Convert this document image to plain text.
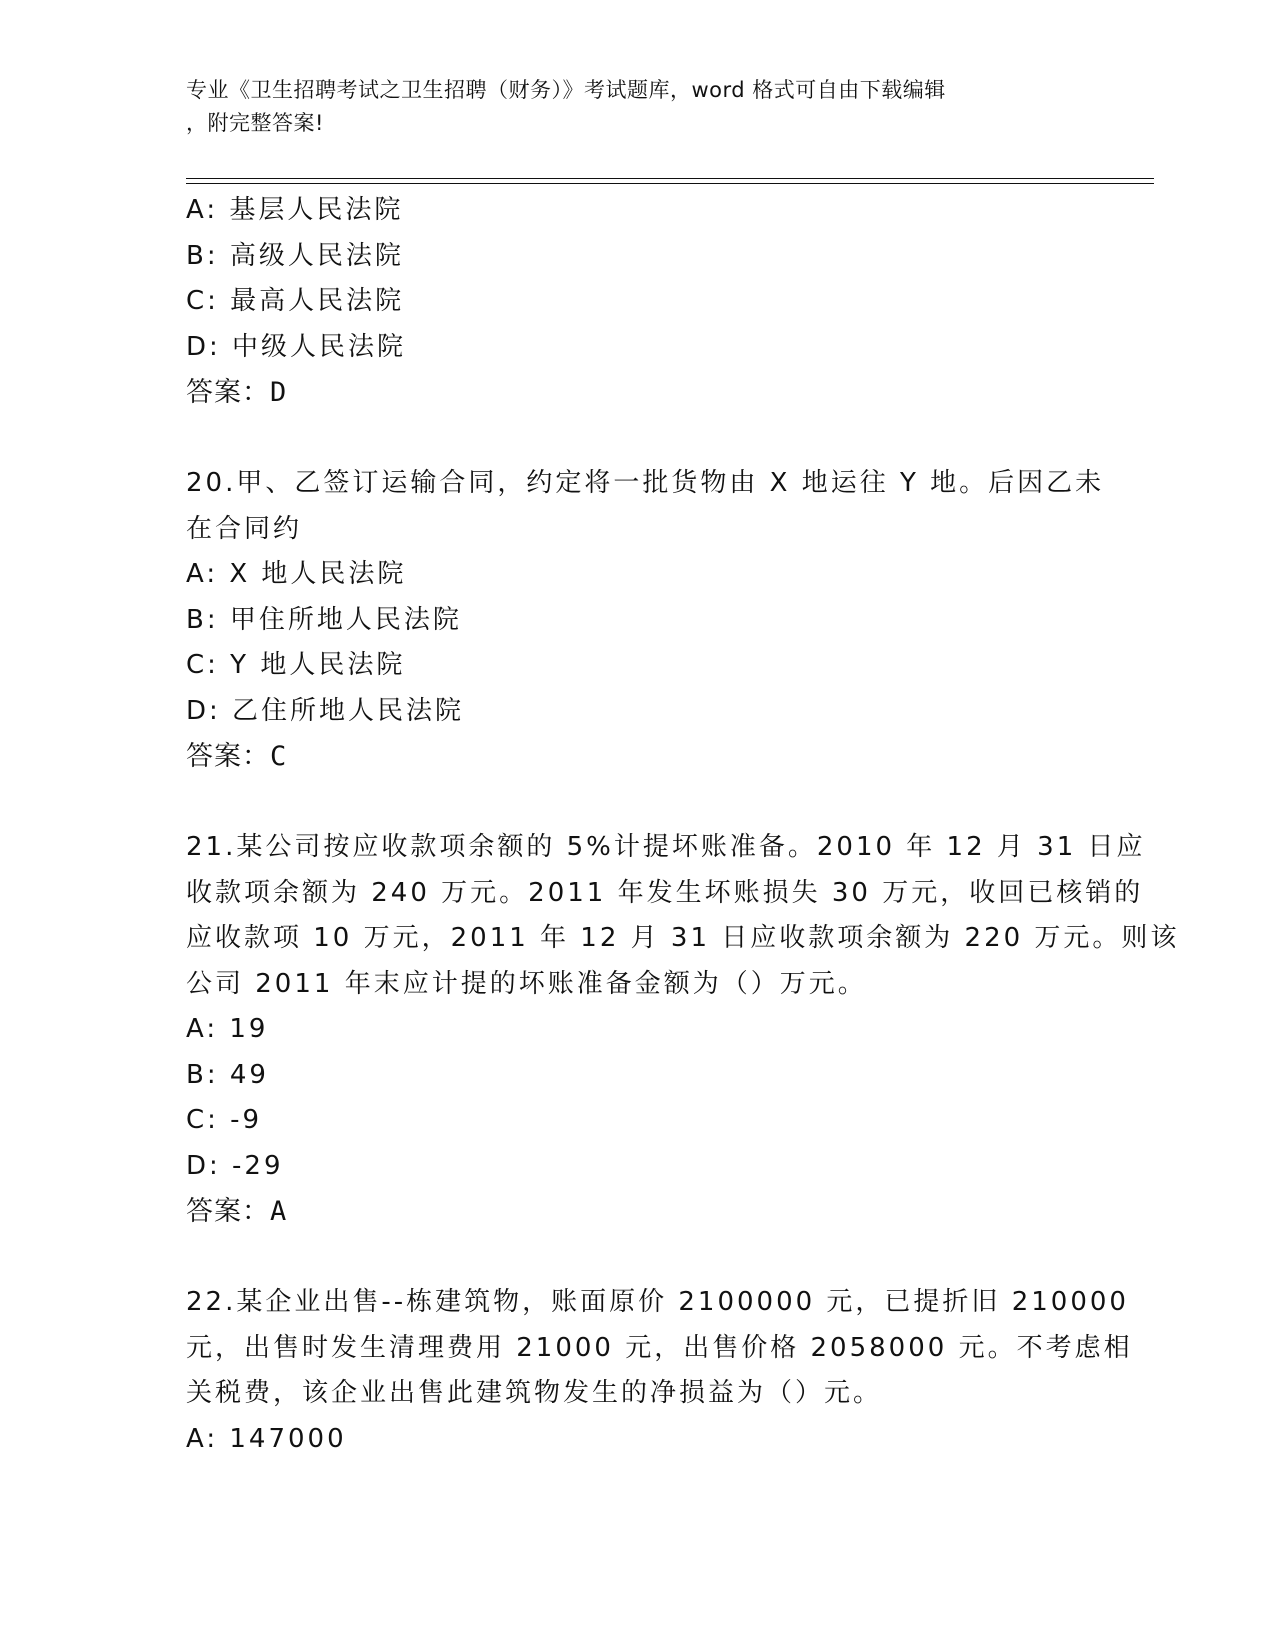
专业《卫生招聘考试之卫生招聘（财务）》考试题库，word 格式可自由下载编辑
，附完整答案!
A: 基层人民法院
B: 高级人民法院
C: 最高人民法院
D: 中级人民法院
答案：D
20.甲、乙签订运输合同，约定将一批货物由 X 地运往 Y 地。后因乙未
在合同约
A: X 地人民法院
B: 甲住所地人民法院
C: Y 地人民法院
D: 乙住所地人民法院
答案：C
21.某公司按应收款项余额的 5%计提坏账准备。2010 年 12 月 31 日应
收款项余额为 240 万元。2011 年发生坏账损失 30 万元，收回已核销的
应收款项 10 万元，2011 年 12 月 31 日应收款项余额为 220 万元。则该
公司 2011 年末应计提的坏账准备金额为（）万元。
A: 19
B: 49
C: -9
D: -29
答案：A
22.某企业出售--栋建筑物，账面原价 2100000 元，已提折旧 210000
元，出售时发生清理费用 21000 元，出售价格 2058000 元。不考虑相
关税费，该企业出售此建筑物发生的净损益为（）元。
A: 147000
